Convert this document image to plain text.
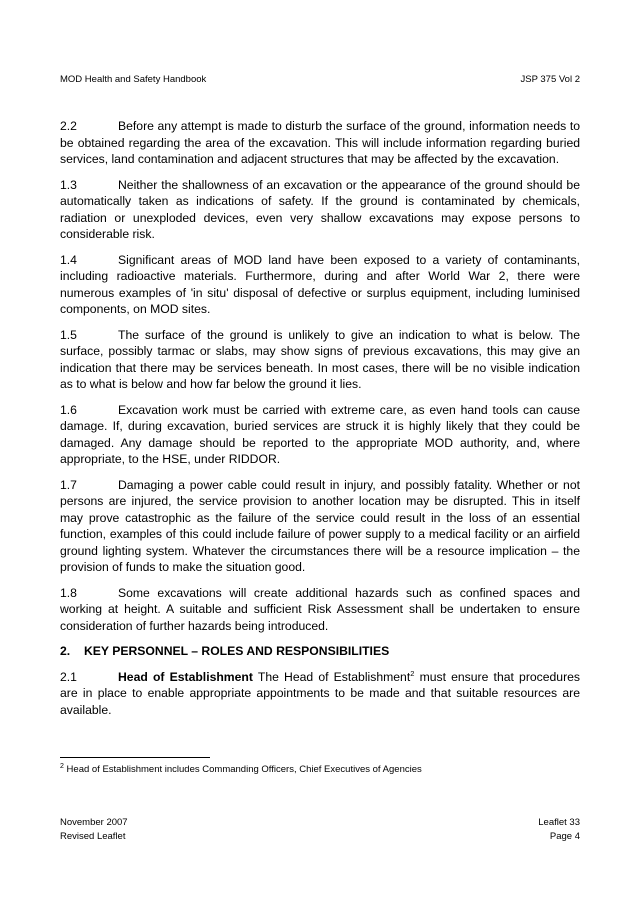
MOD Health and Safety Handbook	JSP 375 Vol 2

2.2	Before any attempt is made to disturb the surface of the ground, information needs to be obtained regarding the area of the excavation. This will include information regarding buried services, land contamination and adjacent structures that may be affected by the excavation.

1.3	Neither the shallowness of an excavation or the appearance of the ground should be automatically taken as indications of safety. If the ground is contaminated by chemicals, radiation or unexploded devices, even very shallow excavations may expose persons to considerable risk.

1.4	Significant areas of MOD land have been exposed to a variety of contaminants, including radioactive materials. Furthermore, during and after World War 2, there were numerous examples of 'in situ' disposal of defective or surplus equipment, including luminised components, on MOD sites.

1.5	The surface of the ground is unlikely to give an indication to what is below. The surface, possibly tarmac or slabs, may show signs of previous excavations, this may give an indication that there may be services beneath. In most cases, there will be no visible indication as to what is below and how far below the ground it lies.

1.6	Excavation work must be carried with extreme care, as even hand tools can cause damage. If, during excavation, buried services are struck it is highly likely that they could be damaged. Any damage should be reported to the appropriate MOD authority, and, where appropriate, to the HSE, under RIDDOR.

1.7	Damaging a power cable could result in injury, and possibly fatality. Whether or not persons are injured, the service provision to another location may be disrupted. This in itself may prove catastrophic as the failure of the service could result in the loss of an essential function, examples of this could include failure of power supply to a medical facility or an airfield ground lighting system. Whatever the circumstances there will be a resource implication – the provision of funds to make the situation good.

1.8	Some excavations will create additional hazards such as confined spaces and working at height. A suitable and sufficient Risk Assessment shall be undertaken to ensure consideration of further hazards being introduced.

2. KEY PERSONNEL – ROLES AND RESPONSIBILITIES

2.1	Head of Establishment The Head of Establishment$^2$ must ensure that procedures are in place to enable appropriate appointments to be made and that suitable resources are available.

$^2$ Head of Establishment includes Commanding Officers, Chief Executives of Agencies
November 2007
Revised Leaflet
Leaflet 33
Page 4
